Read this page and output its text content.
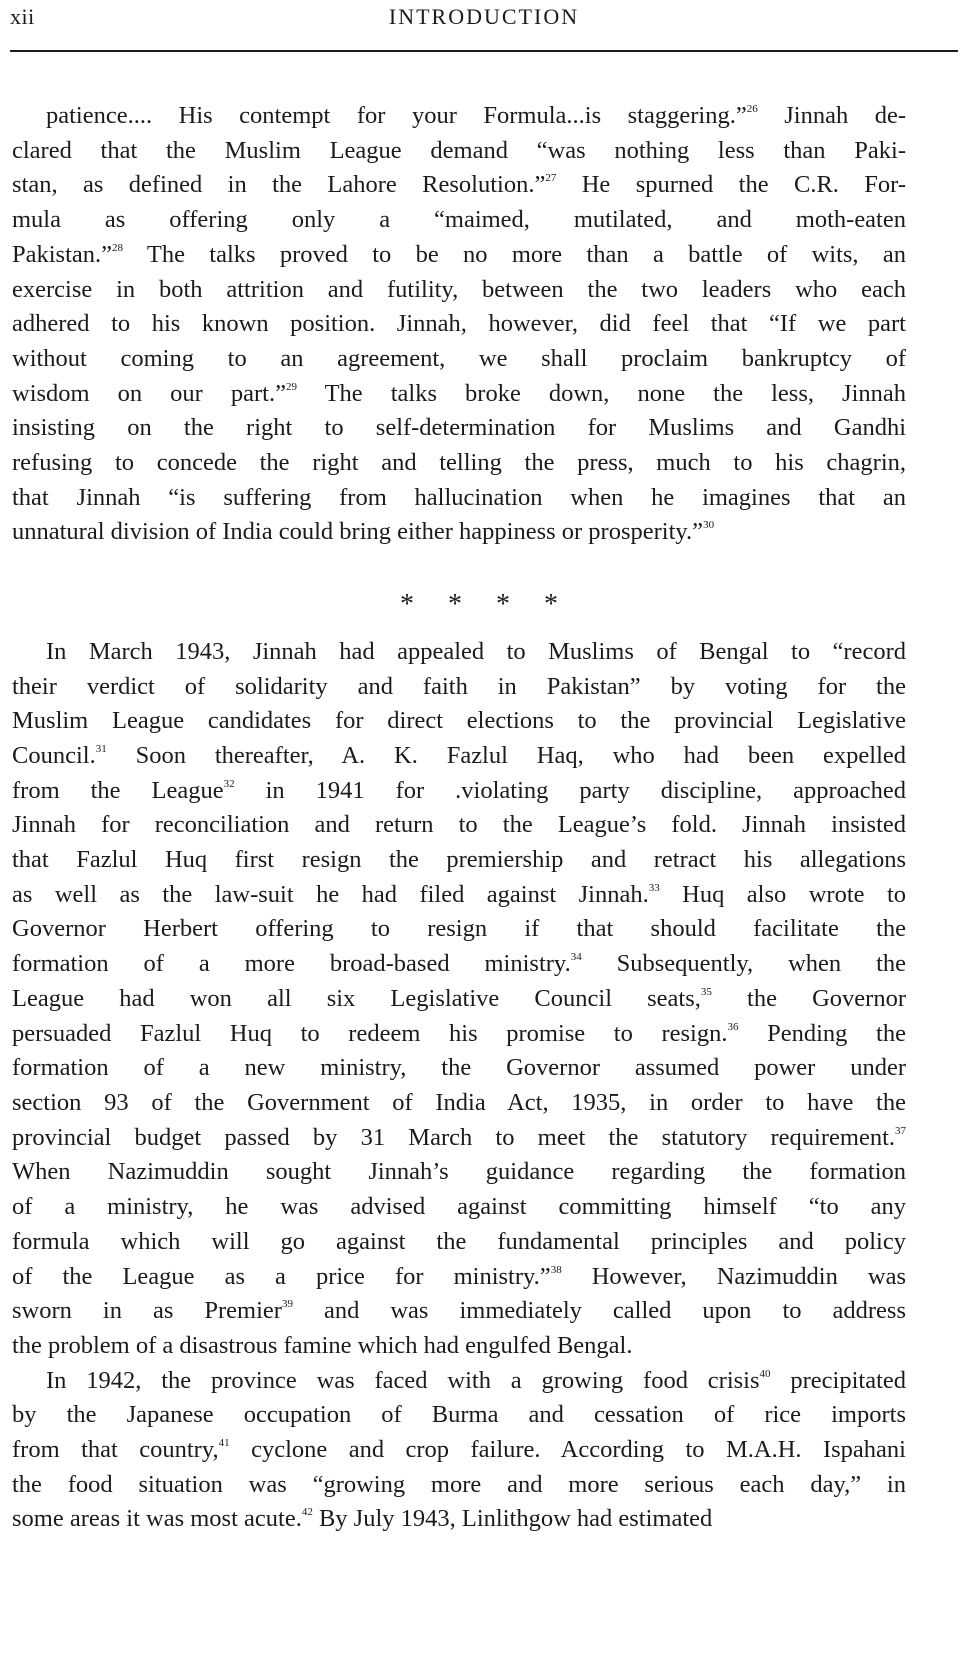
xii	INTRODUCTION
patience.... His contempt for your Formula...is staggering.”$^{26}$ Jinnah de-
clared that the Muslim League demand “was nothing less than Paki-
stan, as defined in the Lahore Resolution.”$^{27}$ He spurned the C.R. For-
mula as offering only a “maimed, mutilated, and moth-eaten
Pakistan.”$^{28}$ The talks proved to be no more than a battle of wits, an
exercise in both attrition and futility, between the two leaders who each
adhered to his known position. Jinnah, however, did feel that “If we part
without coming to an agreement, we shall proclaim bankruptcy of
wisdom on our part.”$^{29}$ The talks broke down, none the less, Jinnah
insisting on the right to self-determination for Muslims and Gandhi
refusing to concede the right and telling the press, much to his chagrin,
that Jinnah “is suffering from hallucination when he imagines that an
unnatural division of India could bring either happiness or prosperity.”$^{30}$
* * * *
In March 1943, Jinnah had appealed to Muslims of Bengal to “record
their verdict of solidarity and faith in Pakistan” by voting for the
Muslim League candidates for direct elections to the provincial Legislative
Council.$^{31}$ Soon thereafter, A. K. Fazlul Haq, who had been expelled
from the League$^{32}$ in 1941 for .violating party discipline, approached
Jinnah for reconciliation and return to the League’s fold. Jinnah insisted
that Fazlul Huq first resign the premiership and retract his allegations
as well as the law-suit he had filed against Jinnah.$^{33}$ Huq also wrote to
Governor Herbert offering to resign if that should facilitate the
formation of a more broad-based ministry.$^{34}$ Subsequently, when the
League had won all six Legislative Council seats,$^{35}$ the Governor
persuaded Fazlul Huq to redeem his promise to resign.$^{36}$ Pending the
formation of a new ministry, the Governor assumed power under
section 93 of the Government of India Act, 1935, in order to have the
provincial budget passed by 31 March to meet the statutory requirement.$^{37}$
When Nazimuddin sought Jinnah’s guidance regarding the formation
of a ministry, he was advised against committing himself “to any
formula which will go against the fundamental principles and policy
of the League as a price for ministry.”$^{38}$ However, Nazimuddin was
sworn in as Premier$^{39}$ and was immediately called upon to address
the problem of a disastrous famine which had engulfed Bengal.
In 1942, the province was faced with a growing food crisis$^{40}$ precipitated
by the Japanese occupation of Burma and cessation of rice imports
from that country,$^{41}$ cyclone and crop failure. According to M.A.H. Ispahani
the food situation was “growing more and more serious each day,” in
some areas it was most acute.$^{42}$ By July 1943, Linlithgow had estimated
